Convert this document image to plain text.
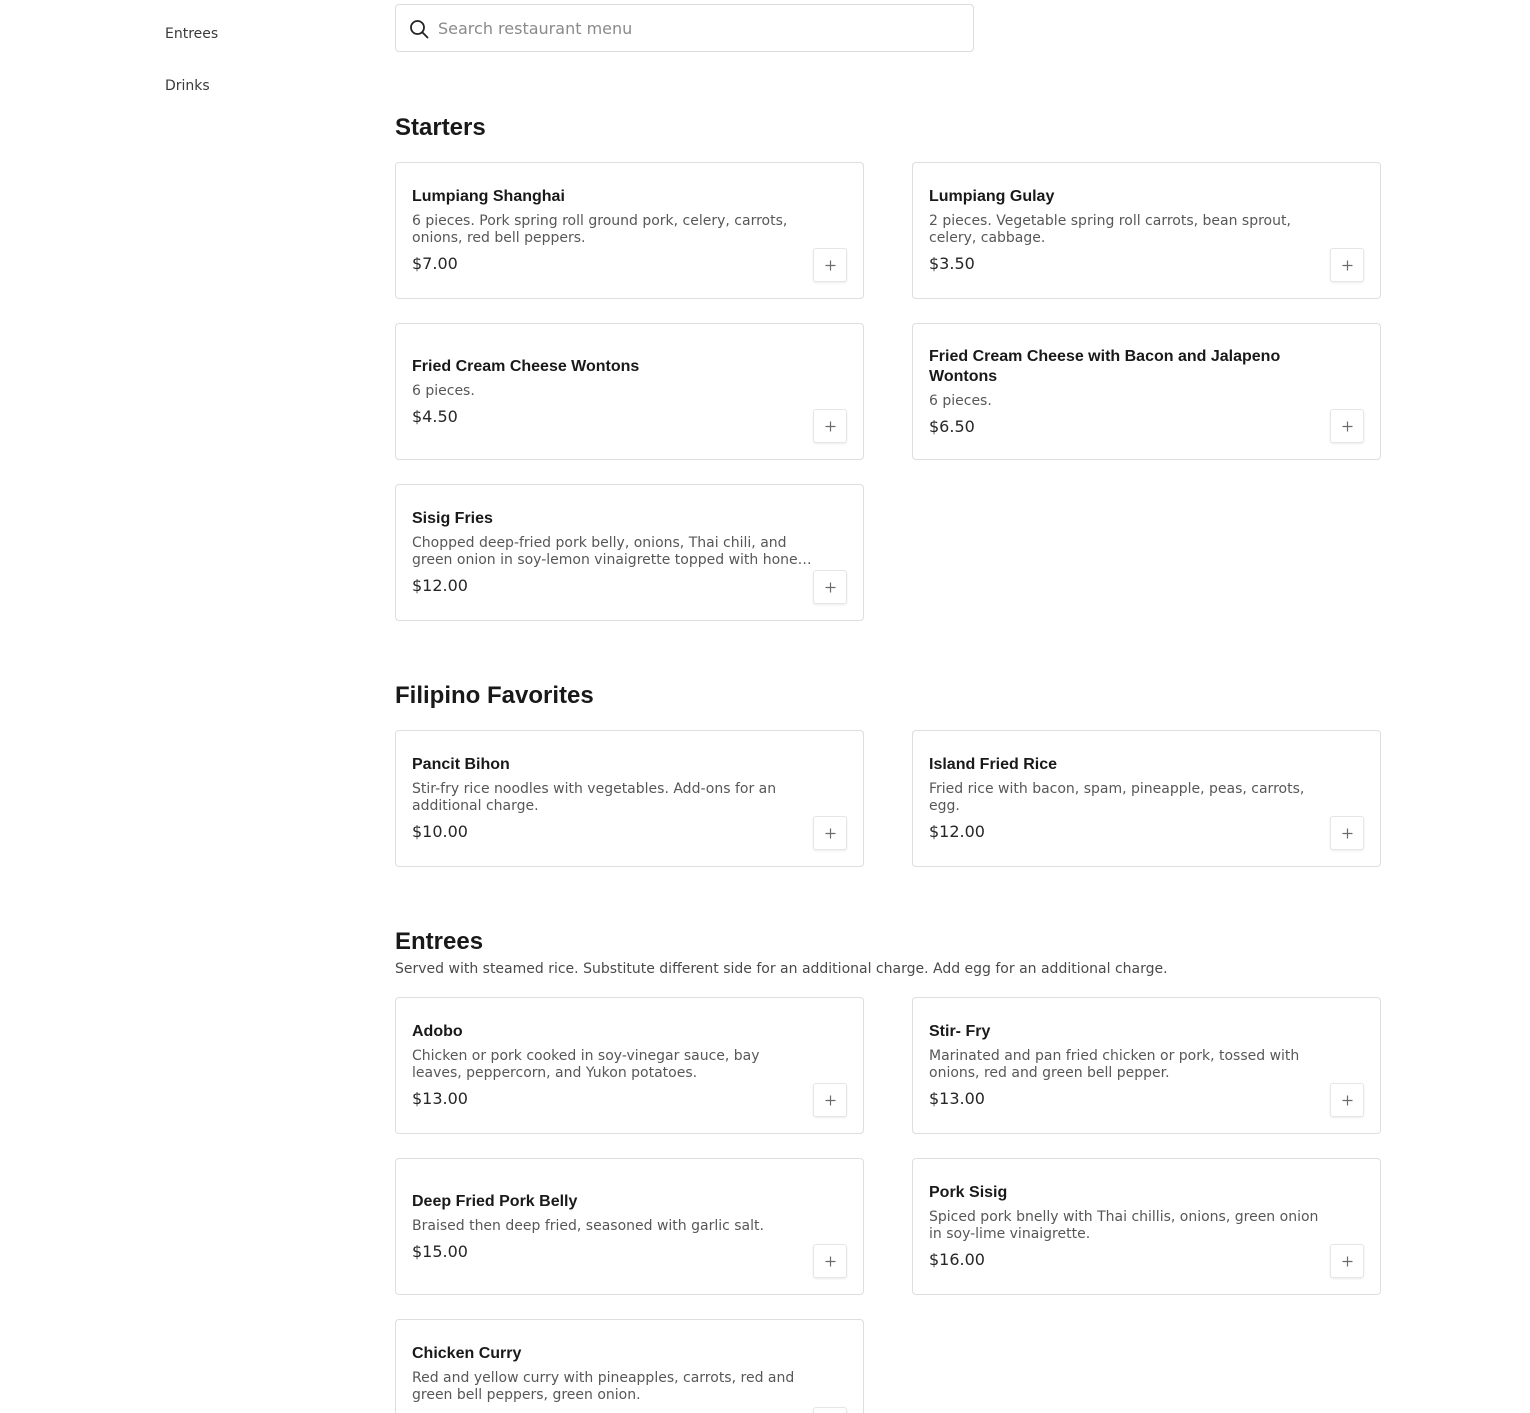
Entrees
Drinks
Search restaurant menu
Starters
Lumpiang Shanghai
6 pieces. Pork spring roll ground pork, celery, carrots, onions, red bell peppers.
$7.00
Lumpiang Gulay
2 pieces. Vegetable spring roll carrots, bean sprout, celery, cabbage.
$3.50
Fried Cream Cheese Wontons
6 pieces.
$4.50
Fried Cream Cheese with Bacon and Jalapeno Wontons
6 pieces.
$6.50
Sisig Fries
Chopped deep-fried pork belly, onions, Thai chili, and green onion in soy-lemon vinaigrette topped with honey
$12.00
Filipino Favorites
Pancit Bihon
Stir-fry rice noodles with vegetables. Add-ons for an additional charge.
$10.00
Island Fried Rice
Fried rice with bacon, spam, pineapple, peas, carrots, egg.
$12.00
Entrees

Served with steamed rice. Substitute different side for an additional charge. Add egg for an additional charge.

Adobo
Chicken or pork cooked in soy-vinegar sauce, bay leaves, peppercorn, and Yukon potatoes.
$13.00
Stir- Fry
Marinated and pan fried chicken or pork, tossed with onions, red and green bell pepper.
$13.00
Deep Fried Pork Belly
Braised then deep fried, seasoned with garlic salt.
$15.00
Pork Sisig
Spiced pork bnelly with Thai chillis, onions, green onion in soy-lime vinaigrette.
$16.00
Chicken Curry
Red and yellow curry with pineapples, carrots, red and green bell peppers, green onion.
